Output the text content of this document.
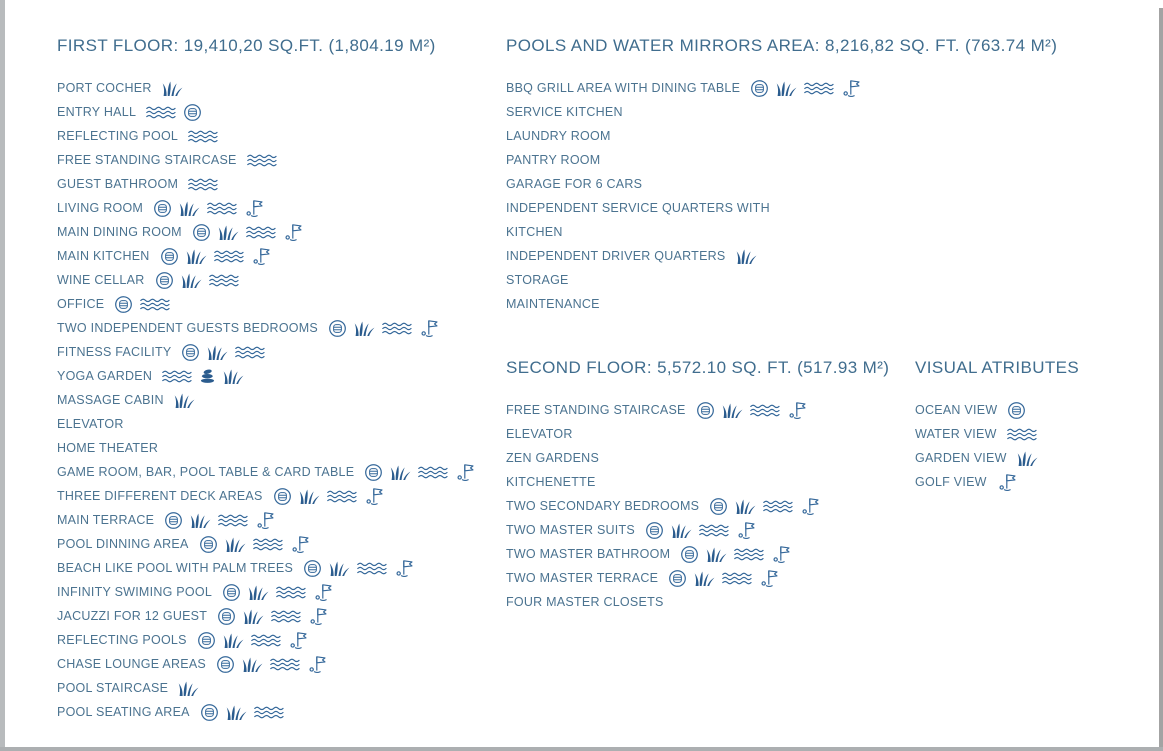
FIRST FLOOR: 19,410,20 SQ.FT. (1,804.19 M²)
PORT COCHER
ENTRY HALL
REFLECTING POOL
FREE STANDING STAIRCASE
GUEST BATHROOM
LIVING ROOM
MAIN DINING ROOM
MAIN KITCHEN
WINE CELLAR
OFFICE
TWO INDEPENDENT GUESTS BEDROOMS
FITNESS FACILITY
YOGA GARDEN
MASSAGE CABIN
ELEVATOR
HOME THEATER
GAME ROOM, BAR, POOL TABLE & CARD TABLE
THREE DIFFERENT DECK AREAS
MAIN TERRACE
POOL DINNING AREA
BEACH LIKE POOL WITH PALM TREES
INFINITY SWIMING POOL
JACUZZI FOR 12 GUEST
REFLECTING POOLS
CHASE LOUNGE AREAS
POOL STAIRCASE
POOL SEATING AREA
POOLS AND WATER MIRRORS AREA: 8,216,82 SQ. FT. (763.74 M²)
BBQ GRILL AREA WITH DINING TABLE
SERVICE KITCHEN
LAUNDRY ROOM
PANTRY ROOM
GARAGE FOR 6 CARS
INDEPENDENT SERVICE QUARTERS WITH
KITCHEN
INDEPENDENT DRIVER QUARTERS
STORAGE
MAINTENANCE
SECOND FLOOR: 5,572.10 SQ. FT. (517.93 M²)
FREE STANDING STAIRCASE
ELEVATOR
ZEN GARDENS
KITCHENETTE
TWO SECONDARY BEDROOMS
TWO MASTER SUITS
TWO MASTER BATHROOM
TWO MASTER TERRACE
FOUR MASTER CLOSETS
VISUAL ATRIBUTES
OCEAN VIEW
WATER VIEW
GARDEN VIEW
GOLF VIEW
